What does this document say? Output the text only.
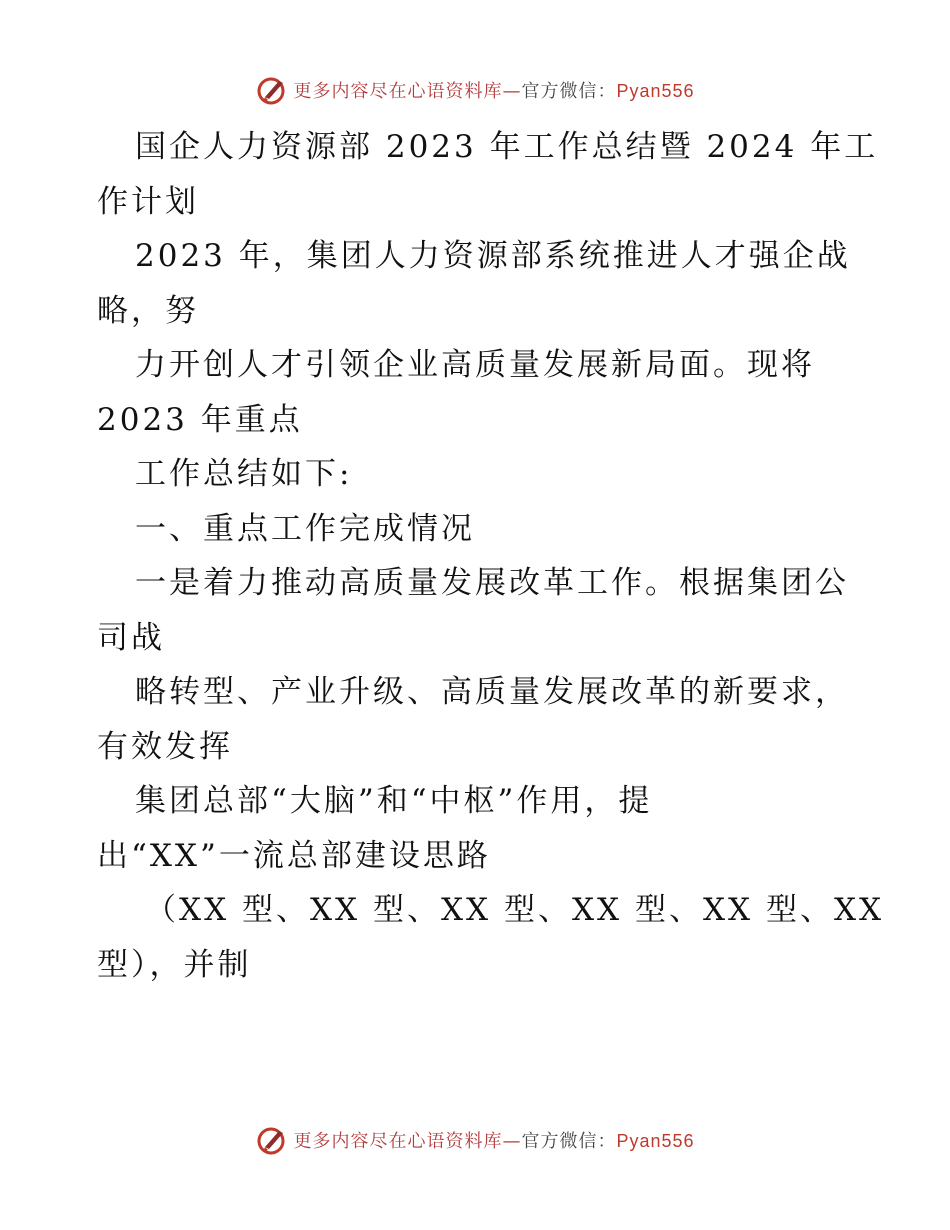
更多内容尽在心语资料库—官方微信：Pyan556
国企人力资源部 2023 年工作总结暨 2024 年工
作计划
2023 年，集团人力资源部系统推进人才强企战
略，努
力开创人才引领企业高质量发展新局面。现将
2023 年重点
工作总结如下:
一、重点工作完成情况
一是着力推动高质量发展改革工作。根据集团公
司战
略转型、产业升级、高质量发展改革的新要求，
有效发挥
集团总部“大脑”和“中枢”作用，提
出“XX”一流总部建设思路
（XX 型、XX 型、XX 型、XX 型、XX 型、XX
型），并制
更多内容尽在心语资料库—官方微信：Pyan556
